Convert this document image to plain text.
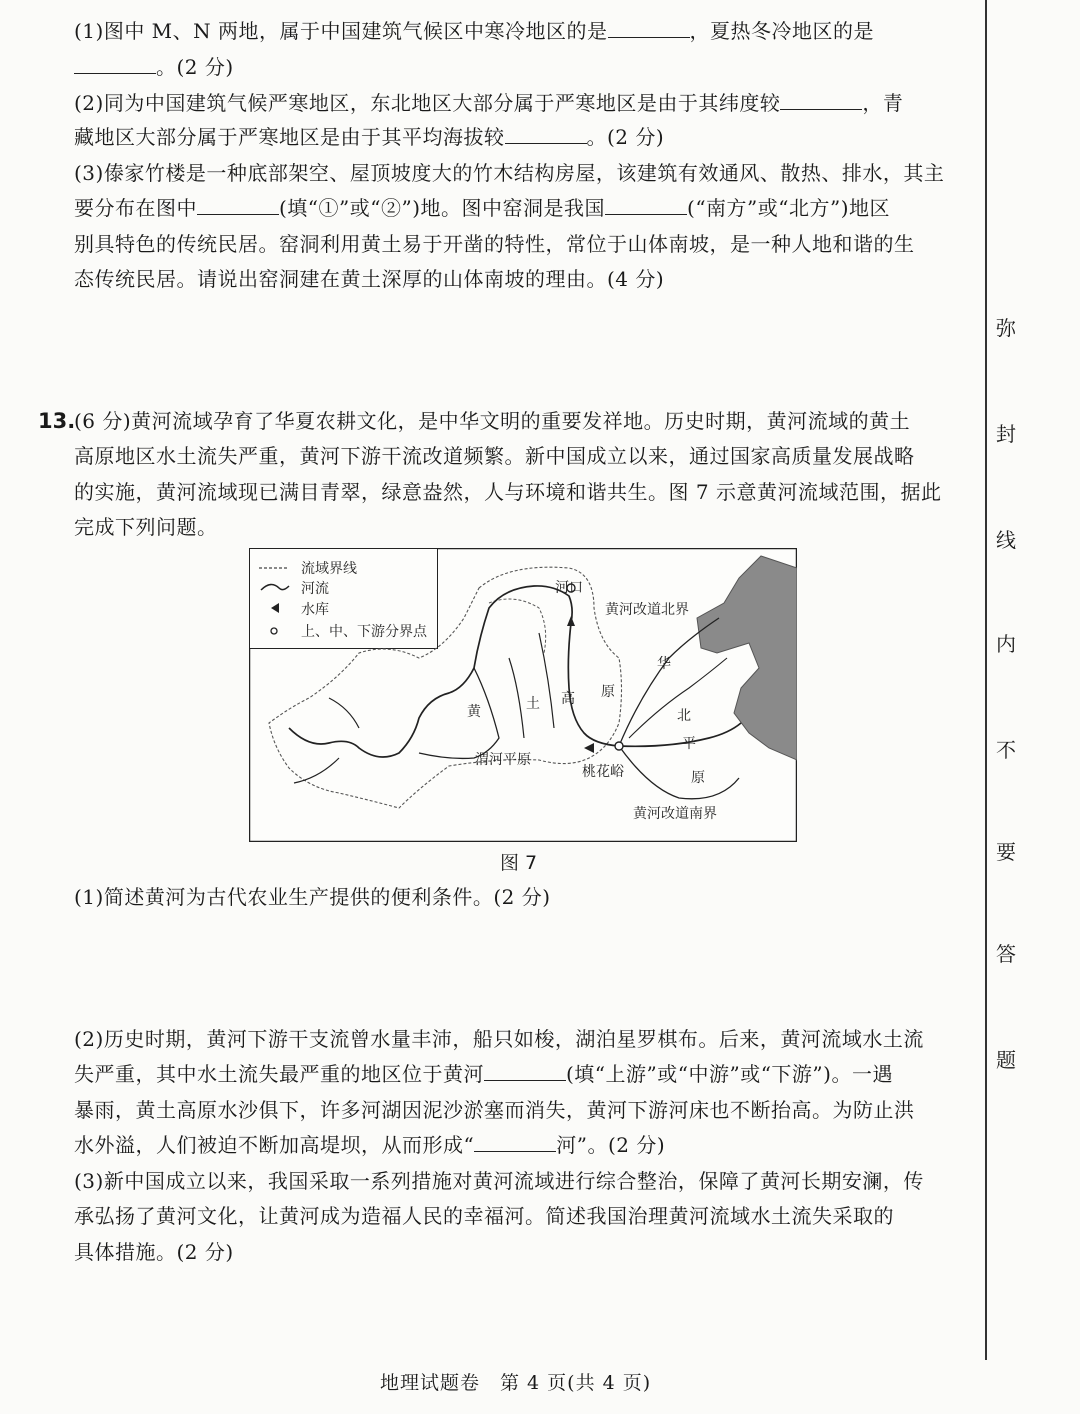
(1)图中 M、N 两地，属于中国建筑气候区中寒冷地区的是	，夏热冬冷地区的是
。(2 分)
(2)同为中国建筑气候严寒地区，东北地区大部分属于严寒地区是由于其纬度较	，青
藏地区大部分属于严寒地区是由于其平均海拔较	。(2 分)
(3)傣家竹楼是一种底部架空、屋顶坡度大的竹木结构房屋，该建筑有效通风、散热、排水，其主
要分布在图中	(填“①”或“②”)地。图中窑洞是我国	(“南方”或“北方”)地区
别具特色的传统民居。窑洞利用黄土易于开凿的特性，常位于山体南坡，是一种人地和谐的生
态传统民居。请说出窑洞建在黄土深厚的山体南坡的理由。(4 分)
13.
(6 分)黄河流域孕育了华夏农耕文化，是中华文明的重要发祥地。历史时期，黄河流域的黄土
高原地区水土流失严重，黄河下游干流改道频繁。新中国成立以来，通过国家高质量发展战略
的实施，黄河流域现已满目青翠，绿意盎然，人与环境和谐共生。图 7 示意黄河流域范围，据此
完成下列问题。
流域界线
河流
水库
上、中、下游分界点
河口
黄河改道北界
黄河改道南界
黄	土 高 原
渭河平原
桃花峪
华
北
平
原
图 7
(1)简述黄河为古代农业生产提供的便利条件。(2 分)
(2)历史时期，黄河下游干支流曾水量丰沛，船只如梭，湖泊星罗棋布。后来，黄河流域水土流
失严重，其中水土流失最严重的地区位于黄河	(填“上游”或“中游”或“下游”)。一遇
暴雨，黄土高原水沙俱下，许多河湖因泥沙淤塞而消失，黄河下游河床也不断抬高。为防止洪
水外溢，人们被迫不断加高堤坝，从而形成“	河”。(2 分)
(3)新中国成立以来，我国采取一系列措施对黄河流域进行综合整治，保障了黄河长期安澜，传
承弘扬了黄河文化，让黄河成为造福人民的幸福河。简述我国治理黄河流域水土流失采取的
具体措施。(2 分)
弥
封
线
内
不
要
答
题
地理试题卷　第 4 页(共 4 页)
